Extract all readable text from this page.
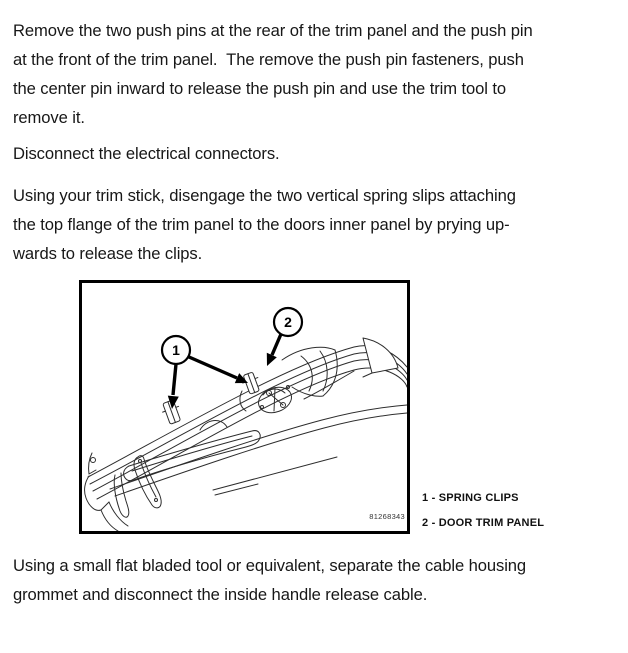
Remove the two push pins at the rear of the trim panel and the push pin
at the front of the trim panel.  The remove the push pin fasteners, push
the center pin inward to release the push pin and use the trim tool to
remove it.
Disconnect the electrical connectors.
Using your trim stick, disengage the two vertical spring slips attaching
the top flange of the trim panel to the doors inner panel by prying up-
wards to release the clips.
1
2
81268343
1 - SPRING CLIPS
2 - DOOR TRIM PANEL
Using a small flat bladed tool or equivalent, separate the cable housing
grommet and disconnect the inside handle release cable.
